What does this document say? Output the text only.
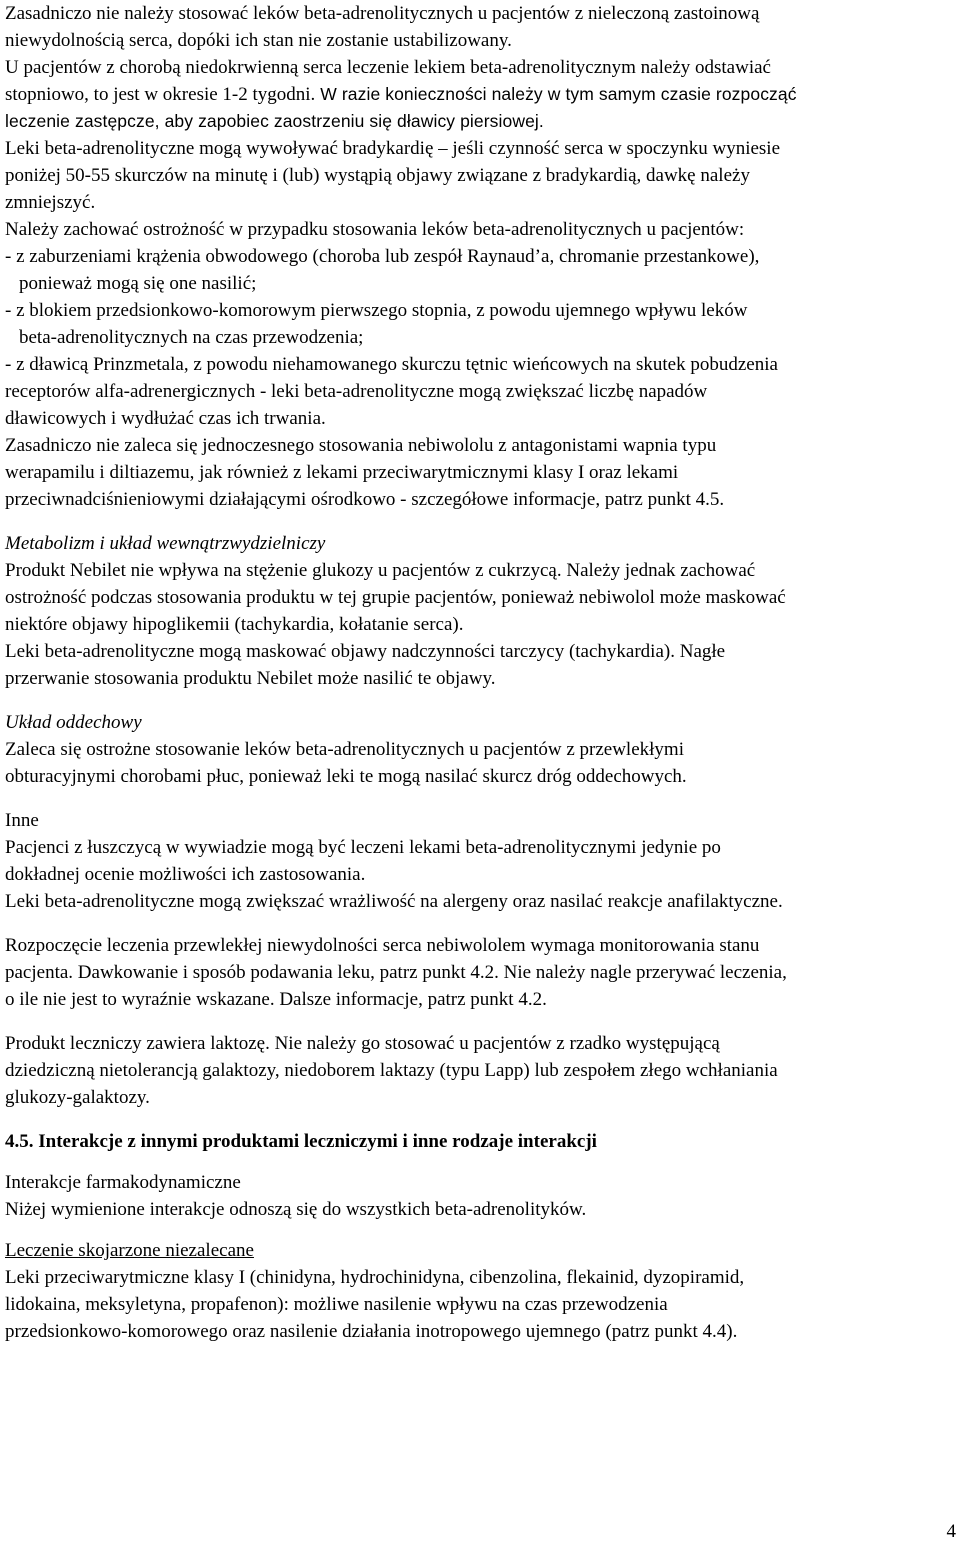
Zasadniczo nie należy stosować leków beta-adrenolitycznych u pacjentów z nieleczoną zastoinową
niewydolnością serca, dopóki ich stan nie zostanie ustabilizowany.
U pacjentów z chorobą niedokrwienną serca leczenie lekiem beta-adrenolitycznym należy odstawiać
stopniowo, to jest w okresie 1-2 tygodni. W razie konieczności należy w tym samym czasie rozpocząć
leczenie zastępcze, aby zapobiec zaostrzeniu się dławicy piersiowej.
Leki beta-adrenolityczne mogą wywoływać bradykardię – jeśli czynność serca w spoczynku wyniesie
poniżej 50-55 skurczów na minutę i (lub) wystąpią objawy związane z bradykardią, dawkę należy
zmniejszyć.
Należy zachować ostrożność w przypadku stosowania leków beta-adrenolitycznych u pacjentów:
- z zaburzeniami krążenia obwodowego (choroba lub zespół Raynaud’a, chromanie przestankowe),
ponieważ mogą się one nasilić;
- z blokiem przedsionkowo-komorowym pierwszego stopnia, z powodu ujemnego wpływu leków
beta-adrenolitycznych na czas przewodzenia;
- z dławicą Prinzmetala, z powodu niehamowanego skurczu tętnic wieńcowych na skutek pobudzenia
receptorów alfa-adrenergicznych - leki beta-adrenolityczne mogą zwiększać liczbę napadów
dławicowych i wydłużać czas ich trwania.
Zasadniczo nie zaleca się jednoczesnego stosowania nebiwololu z antagonistami wapnia typu
werapamilu i diltiazemu, jak również z lekami przeciwarytmicznymi klasy I oraz lekami
przeciwnadciśnieniowymi działającymi ośrodkowo - szczegółowe informacje, patrz punkt 4.5.
Metabolizm i układ wewnątrzwydzielniczy
Produkt Nebilet nie wpływa na stężenie glukozy u pacjentów z cukrzycą. Należy jednak zachować
ostrożność podczas stosowania produktu w tej grupie pacjentów, ponieważ nebiwolol może maskować
niektóre objawy hipoglikemii (tachykardia, kołatanie serca).
Leki beta-adrenolityczne mogą maskować objawy nadczynności tarczycy (tachykardia). Nagłe
przerwanie stosowania produktu Nebilet może nasilić te objawy.
Układ oddechowy
Zaleca się ostrożne stosowanie leków beta-adrenolitycznych u pacjentów z przewlekłymi
obturacyjnymi chorobami płuc, ponieważ leki te mogą nasilać skurcz dróg oddechowych.
Inne
Pacjenci z łuszczycą w wywiadzie mogą być leczeni lekami beta-adrenolitycznymi jedynie po
dokładnej ocenie możliwości ich zastosowania.
Leki beta-adrenolityczne mogą zwiększać wrażliwość na alergeny oraz nasilać reakcje anafilaktyczne.
Rozpoczęcie leczenia przewlekłej niewydolności serca nebiwololem wymaga monitorowania stanu
pacjenta. Dawkowanie i sposób podawania leku, patrz punkt 4.2. Nie należy nagle przerywać leczenia,
o ile nie jest to wyraźnie wskazane. Dalsze informacje, patrz punkt 4.2.
Produkt leczniczy zawiera laktozę. Nie należy go stosować u pacjentów z rzadko występującą
dziedziczną nietolerancją galaktozy, niedoborem laktazy (typu Lapp) lub zespołem złego wchłaniania
glukozy-galaktozy.
4.5. Interakcje z innymi produktami leczniczymi i inne rodzaje interakcji
Interakcje farmakodynamiczne
Niżej wymienione interakcje odnoszą się do wszystkich beta-adrenolityków.
Leczenie skojarzone niezalecane
Leki przeciwarytmiczne klasy I (chinidyna, hydrochinidyna, cibenzolina, flekainid, dyzopiramid,
lidokaina, meksyletyna, propafenon): możliwe nasilenie wpływu na czas przewodzenia
przedsionkowo-komorowego oraz nasilenie działania inotropowego ujemnego (patrz punkt 4.4).
4
